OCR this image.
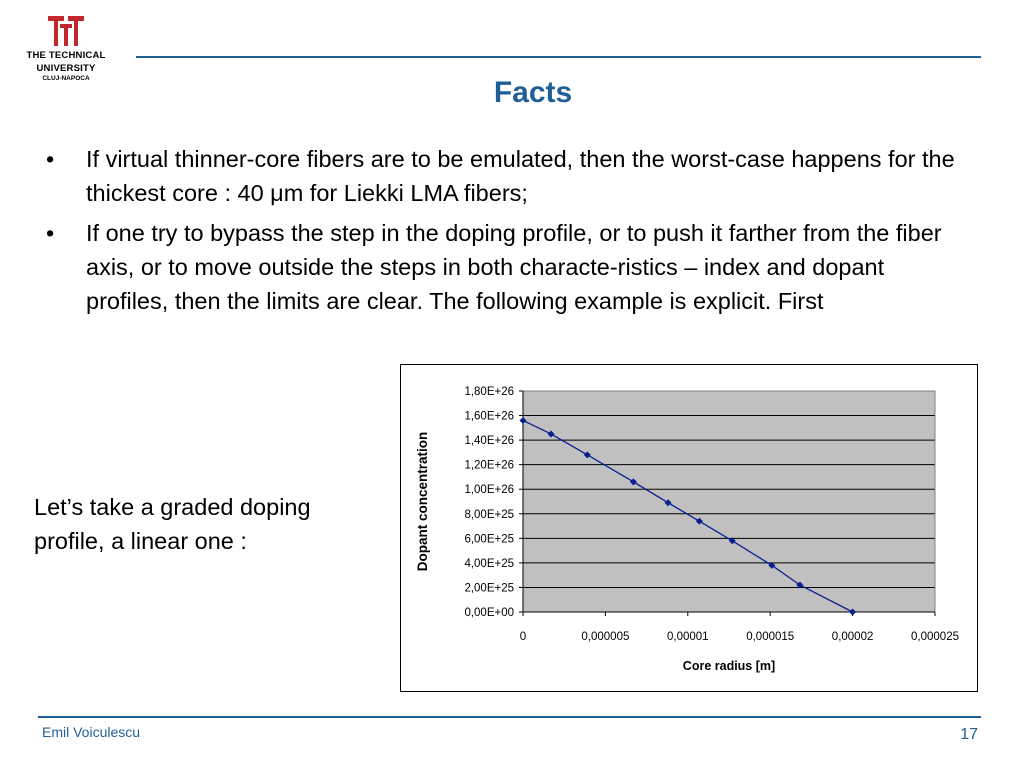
THE TECHNICAL
UNIVERSITY
CLUJ-NAPOCA	Facts
• If virtual thinner-core fibers are to be emulated, then the worst-case happens for the thickest core : 40 μm for Liekki LMA fibers;
• If one try to bypass the step in the doping profile, or to push it farther from the fiber axis, or to move outside the steps in both characte-ristics – index and dopant profiles, then the limits are clear. The following example is explicit. First
Let’s take a graded doping profile, a linear one :
0,00E+00
2,00E+25
4,00E+25
6,00E+25
8,00E+25
1,00E+26
1,20E+26
1,40E+26
1,60E+26
1,80E+26
0	0,000005	0,00001	0,000015	0,00002	0,000025
Core radius [m]
Dopant concentration
Emil Voiculescu	17
